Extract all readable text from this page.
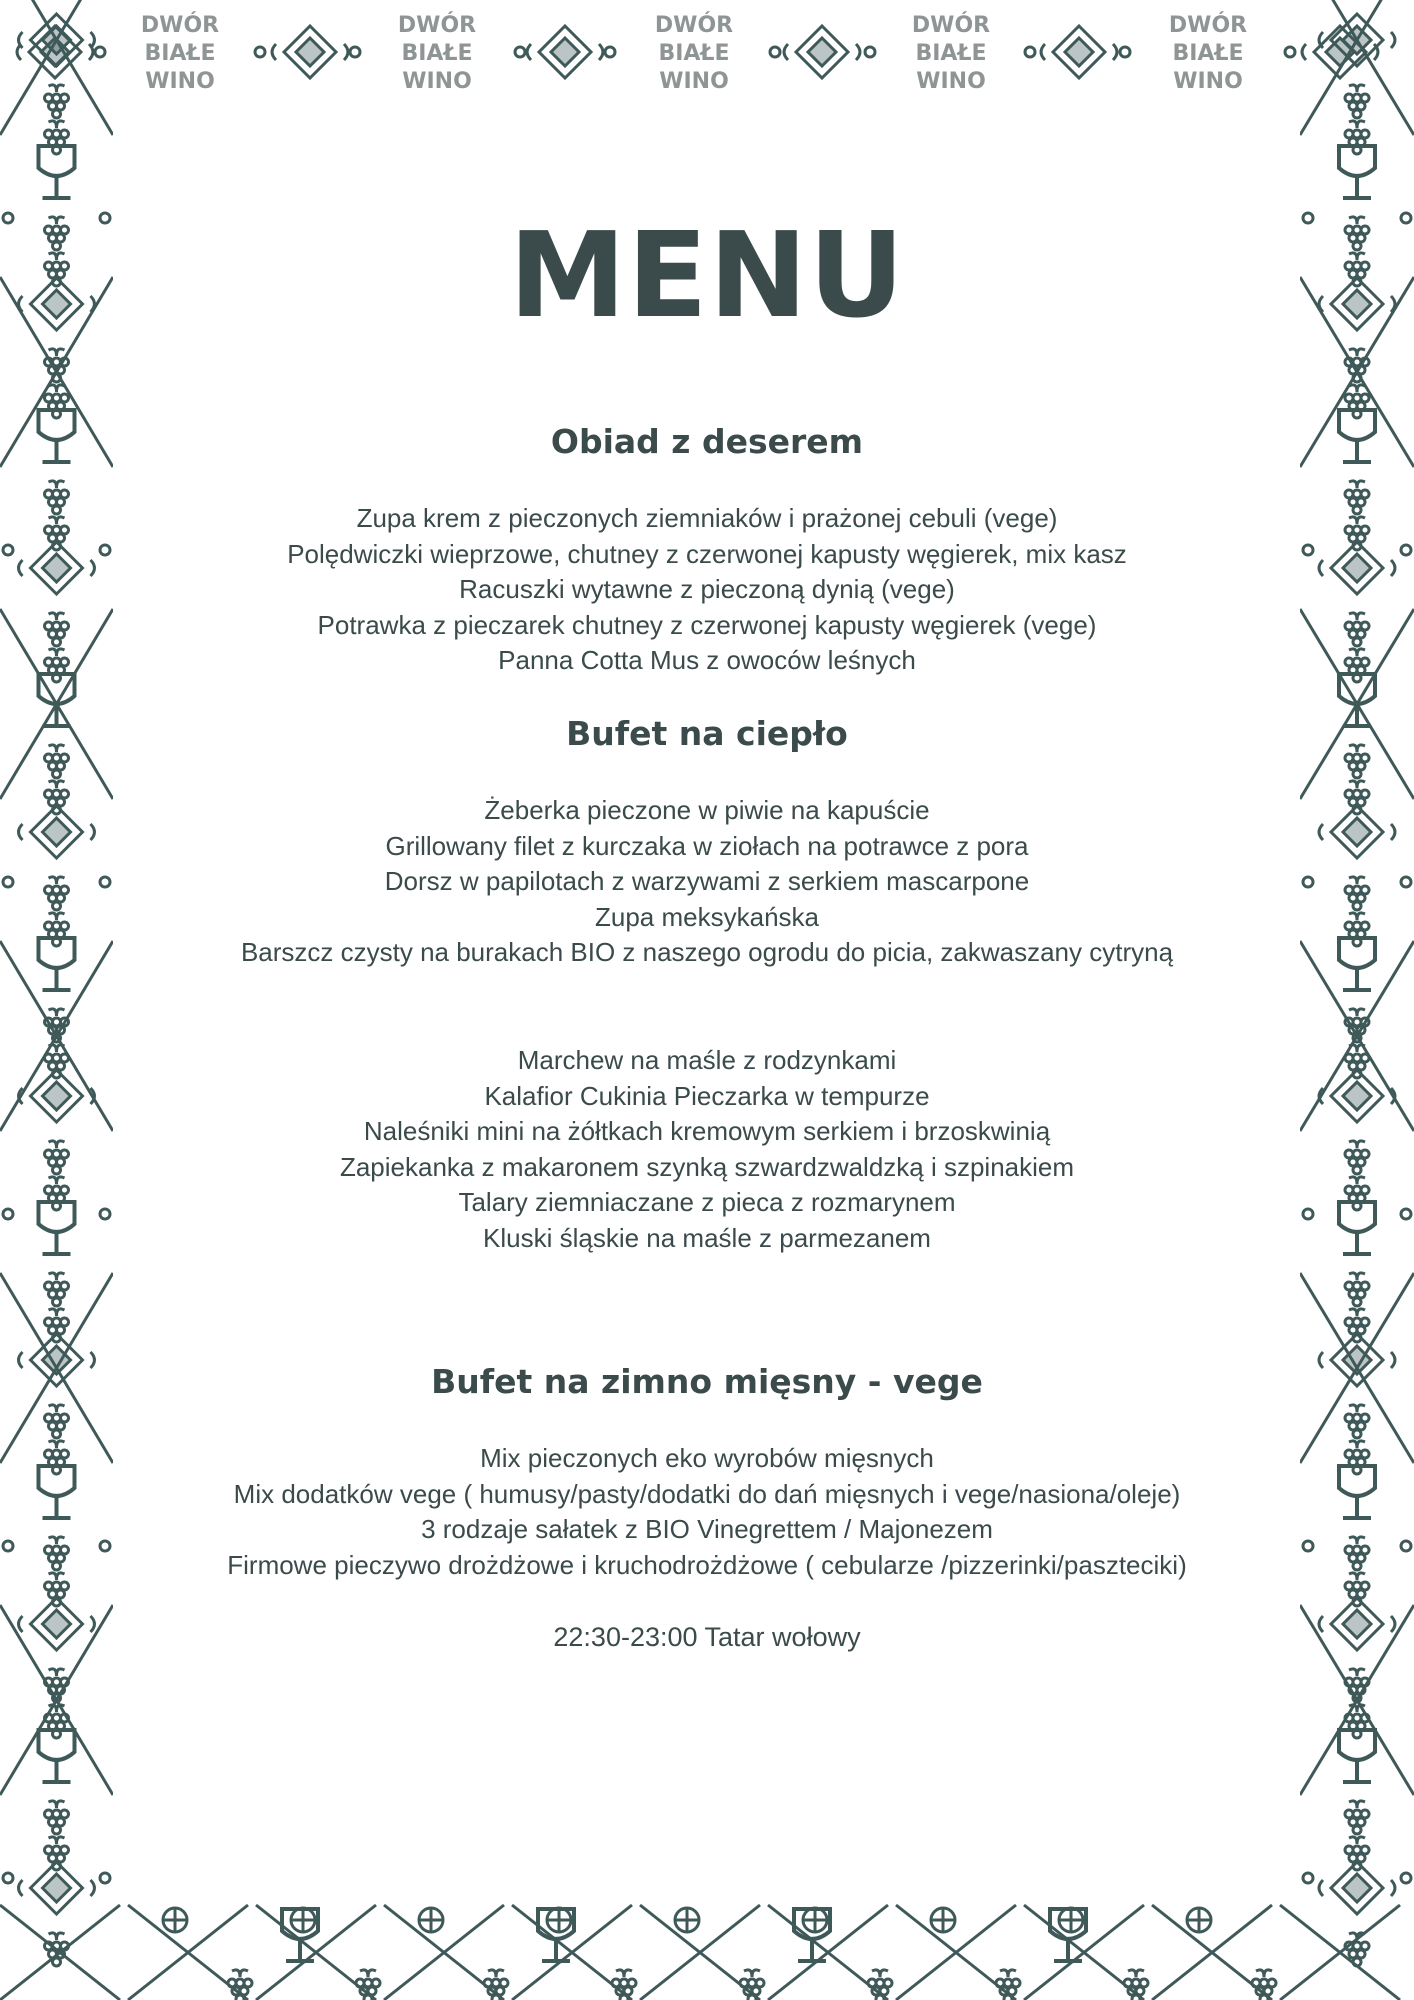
DWÓR
BIAŁE
WINO
DWÓR
BIAŁE
WINO
DWÓR
BIAŁE
WINO
DWÓR
BIAŁE
WINO
DWÓR
BIAŁE
WINO
MENU
Obiad z deserem
Zupa krem z pieczonych ziemniaków i prażonej cebuli (vege)
Polędwiczki wieprzowe, chutney z czerwonej kapusty węgierek, mix kasz
Racuszki wytawne z pieczoną dynią (vege)
Potrawka z pieczarek chutney z czerwonej kapusty węgierek (vege)
Panna Cotta Mus z owoców leśnych
Bufet na ciepło
Żeberka pieczone w piwie na kapuście
Grillowany filet z kurczaka w ziołach na potrawce z pora
Dorsz w papilotach z warzywami z serkiem mascarpone
Zupa meksykańska
Barszcz czysty na burakach BIO z naszego ogrodu do picia, zakwaszany cytryną
Marchew na maśle z rodzynkami
Kalafior Cukinia Pieczarka w tempurze
Naleśniki mini na żółtkach kremowym serkiem i brzoskwinią
Zapiekanka z makaronem szynką szwardzwaldzką i szpinakiem
Talary ziemniaczane z pieca z rozmarynem
Kluski śląskie na maśle z parmezanem
Bufet na zimno mięsny - vege
Mix pieczonych eko wyrobów mięsnych
Mix dodatków vege ( humusy/pasty/dodatki do dań mięsnych i vege/nasiona/oleje)
3 rodzaje sałatek z BIO Vinegrettem / Majonezem
Firmowe pieczywo drożdżowe i kruchodrożdżowe ( cebularze /pizzerinki/paszteciki)

22:30-23:00 Tatar wołowy
